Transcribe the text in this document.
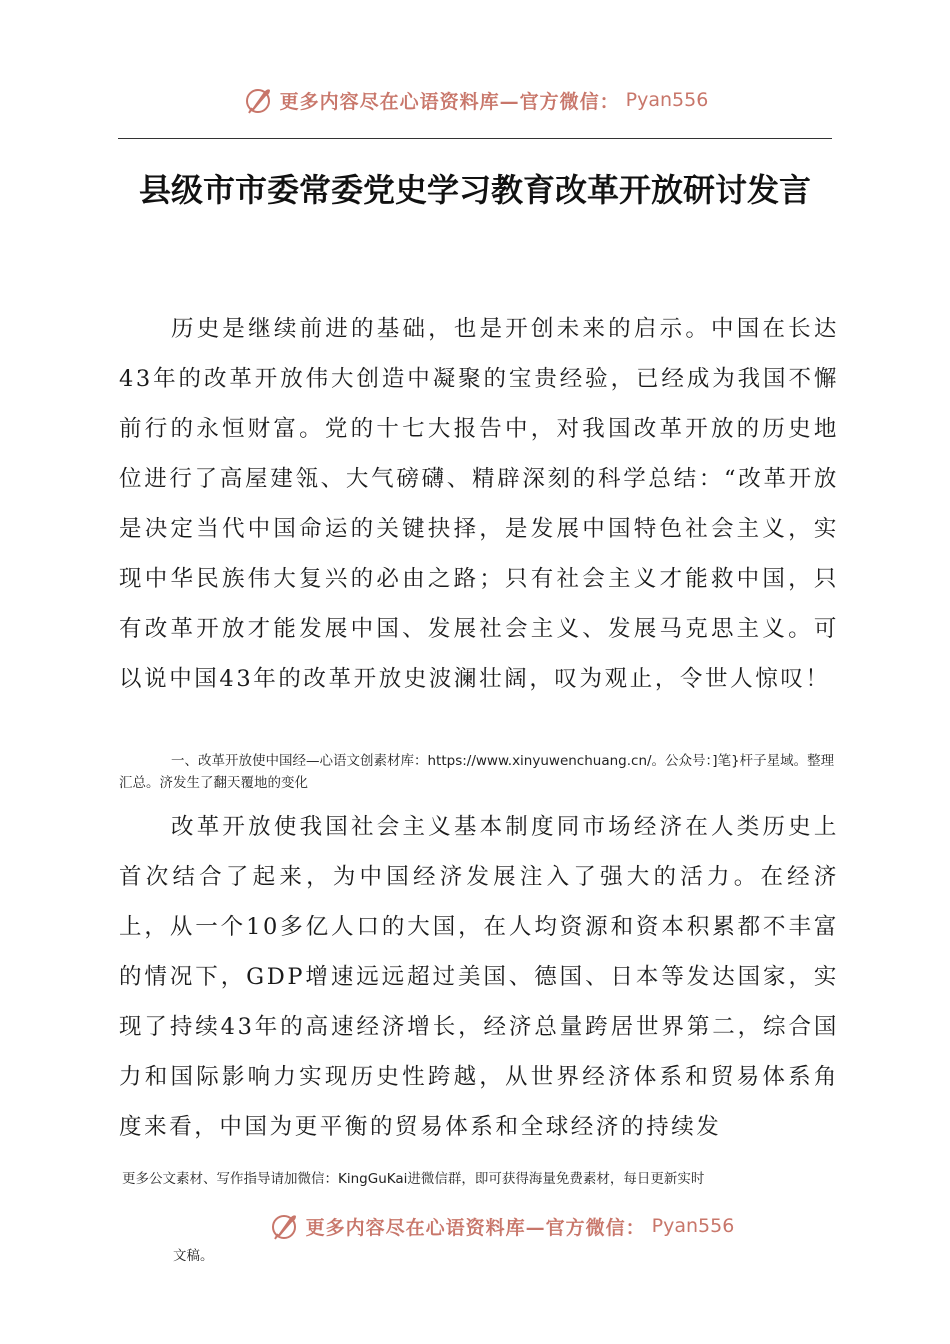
更多内容尽在心语资料库—官方微信： Pyan556
县级市市委常委党史学习教育改革开放研讨发言

历史是继续前进的基础，也是开创未来的启示。中国在长达43年的改革开放伟大创造中凝聚的宝贵经验，已经成为我国不懈前行的永恒财富。党的十七大报告中，对我国改革开放的历史地位进行了高屋建瓴、大气磅礴、精辟深刻的科学总结：“改革开放是决定当代中国命运的关键抉择，是发展中国特色社会主义，实现中华民族伟大复兴的必由之路；只有社会主义才能救中国，只有改革开放才能发展中国、发展社会主义、发展马克思主义。可以说中国43年的改革开放史波澜壮阔，叹为观止，令世人惊叹！

一、改革开放使中国经—心语文创素材库：https://www.xinyuwenchuang.cn/。公众号：]笔}杆子星域。整理汇总。济发生了翻天覆地的变化

改革开放使我国社会主义基本制度同市场经济在人类历史上首次结合了起来，为中国经济发展注入了强大的活力。在经济上，从一个10多亿人口的大国，在人均资源和资本积累都不丰富的情况下，GDP增速远远超过美国、德国、日本等发达国家，实现了持续43年的高速经济增长，经济总量跨居世界第二，综合国力和国际影响力实现历史性跨越，从世界经济体系和贸易体系角度来看，中国为更平衡的贸易体系和全球经济的持续发

更多公文素材、写作指导请加微信：KingGuKai进微信群，即可获得海量免费素材，每日更新实时

更多内容尽在心语资料库—官方微信： Pyan556

文稿。
